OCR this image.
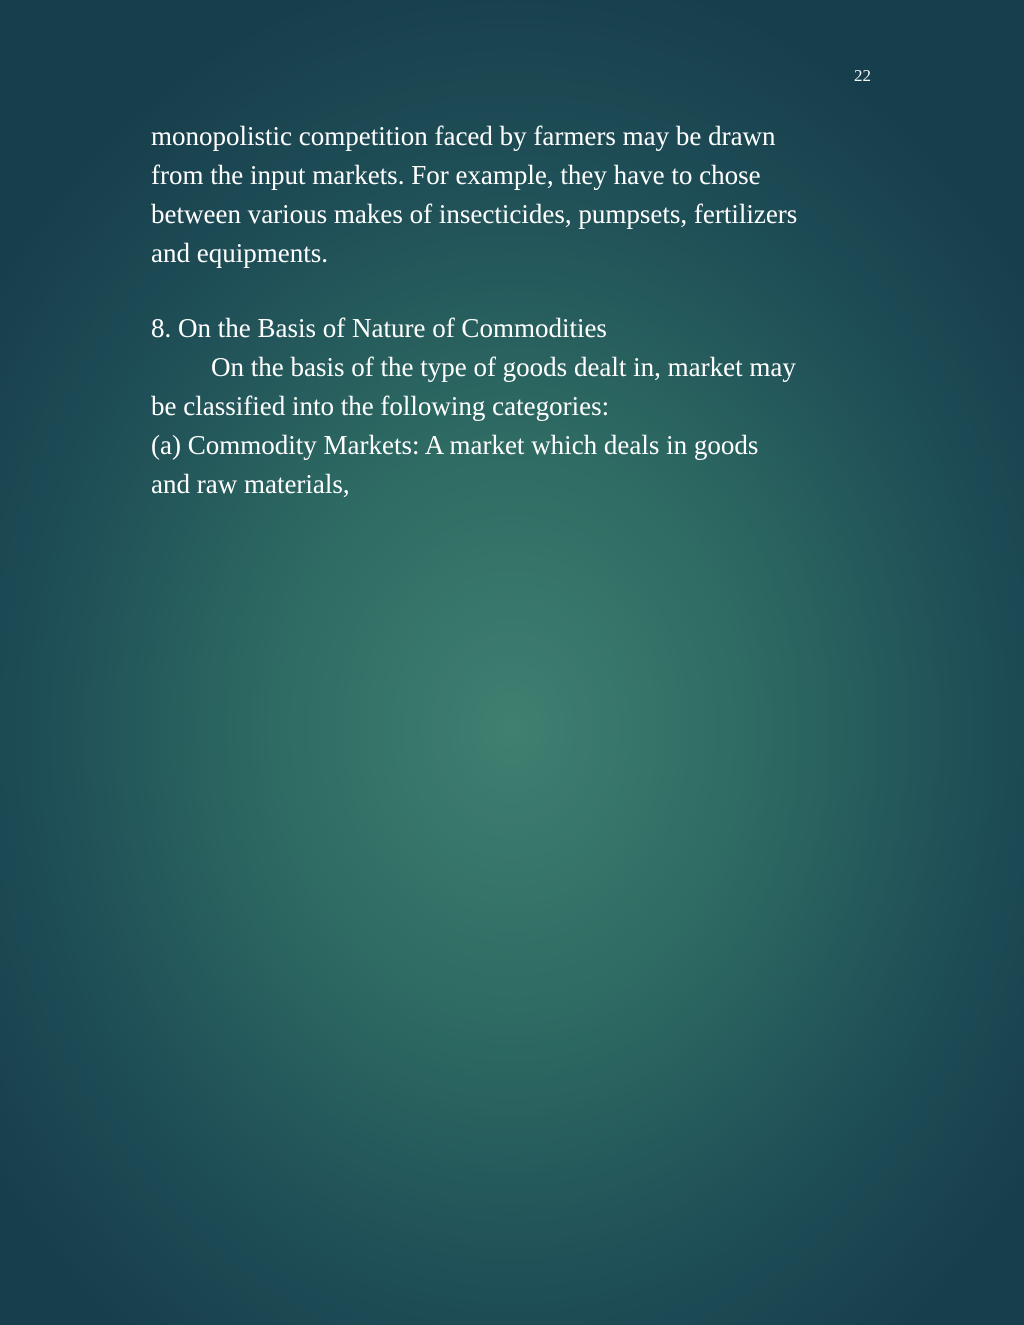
22

monopolistic competition faced by farmers may be drawn
from the input markets. For example, they have to chose
between various makes of insecticides, pumpsets, fertilizers
and equipments.

8. On the Basis of Nature of Commodities

On the basis of the type of goods dealt in, market may
be classified into the following categories:

(a) Commodity Markets: A market which deals in goods
and raw materials,
